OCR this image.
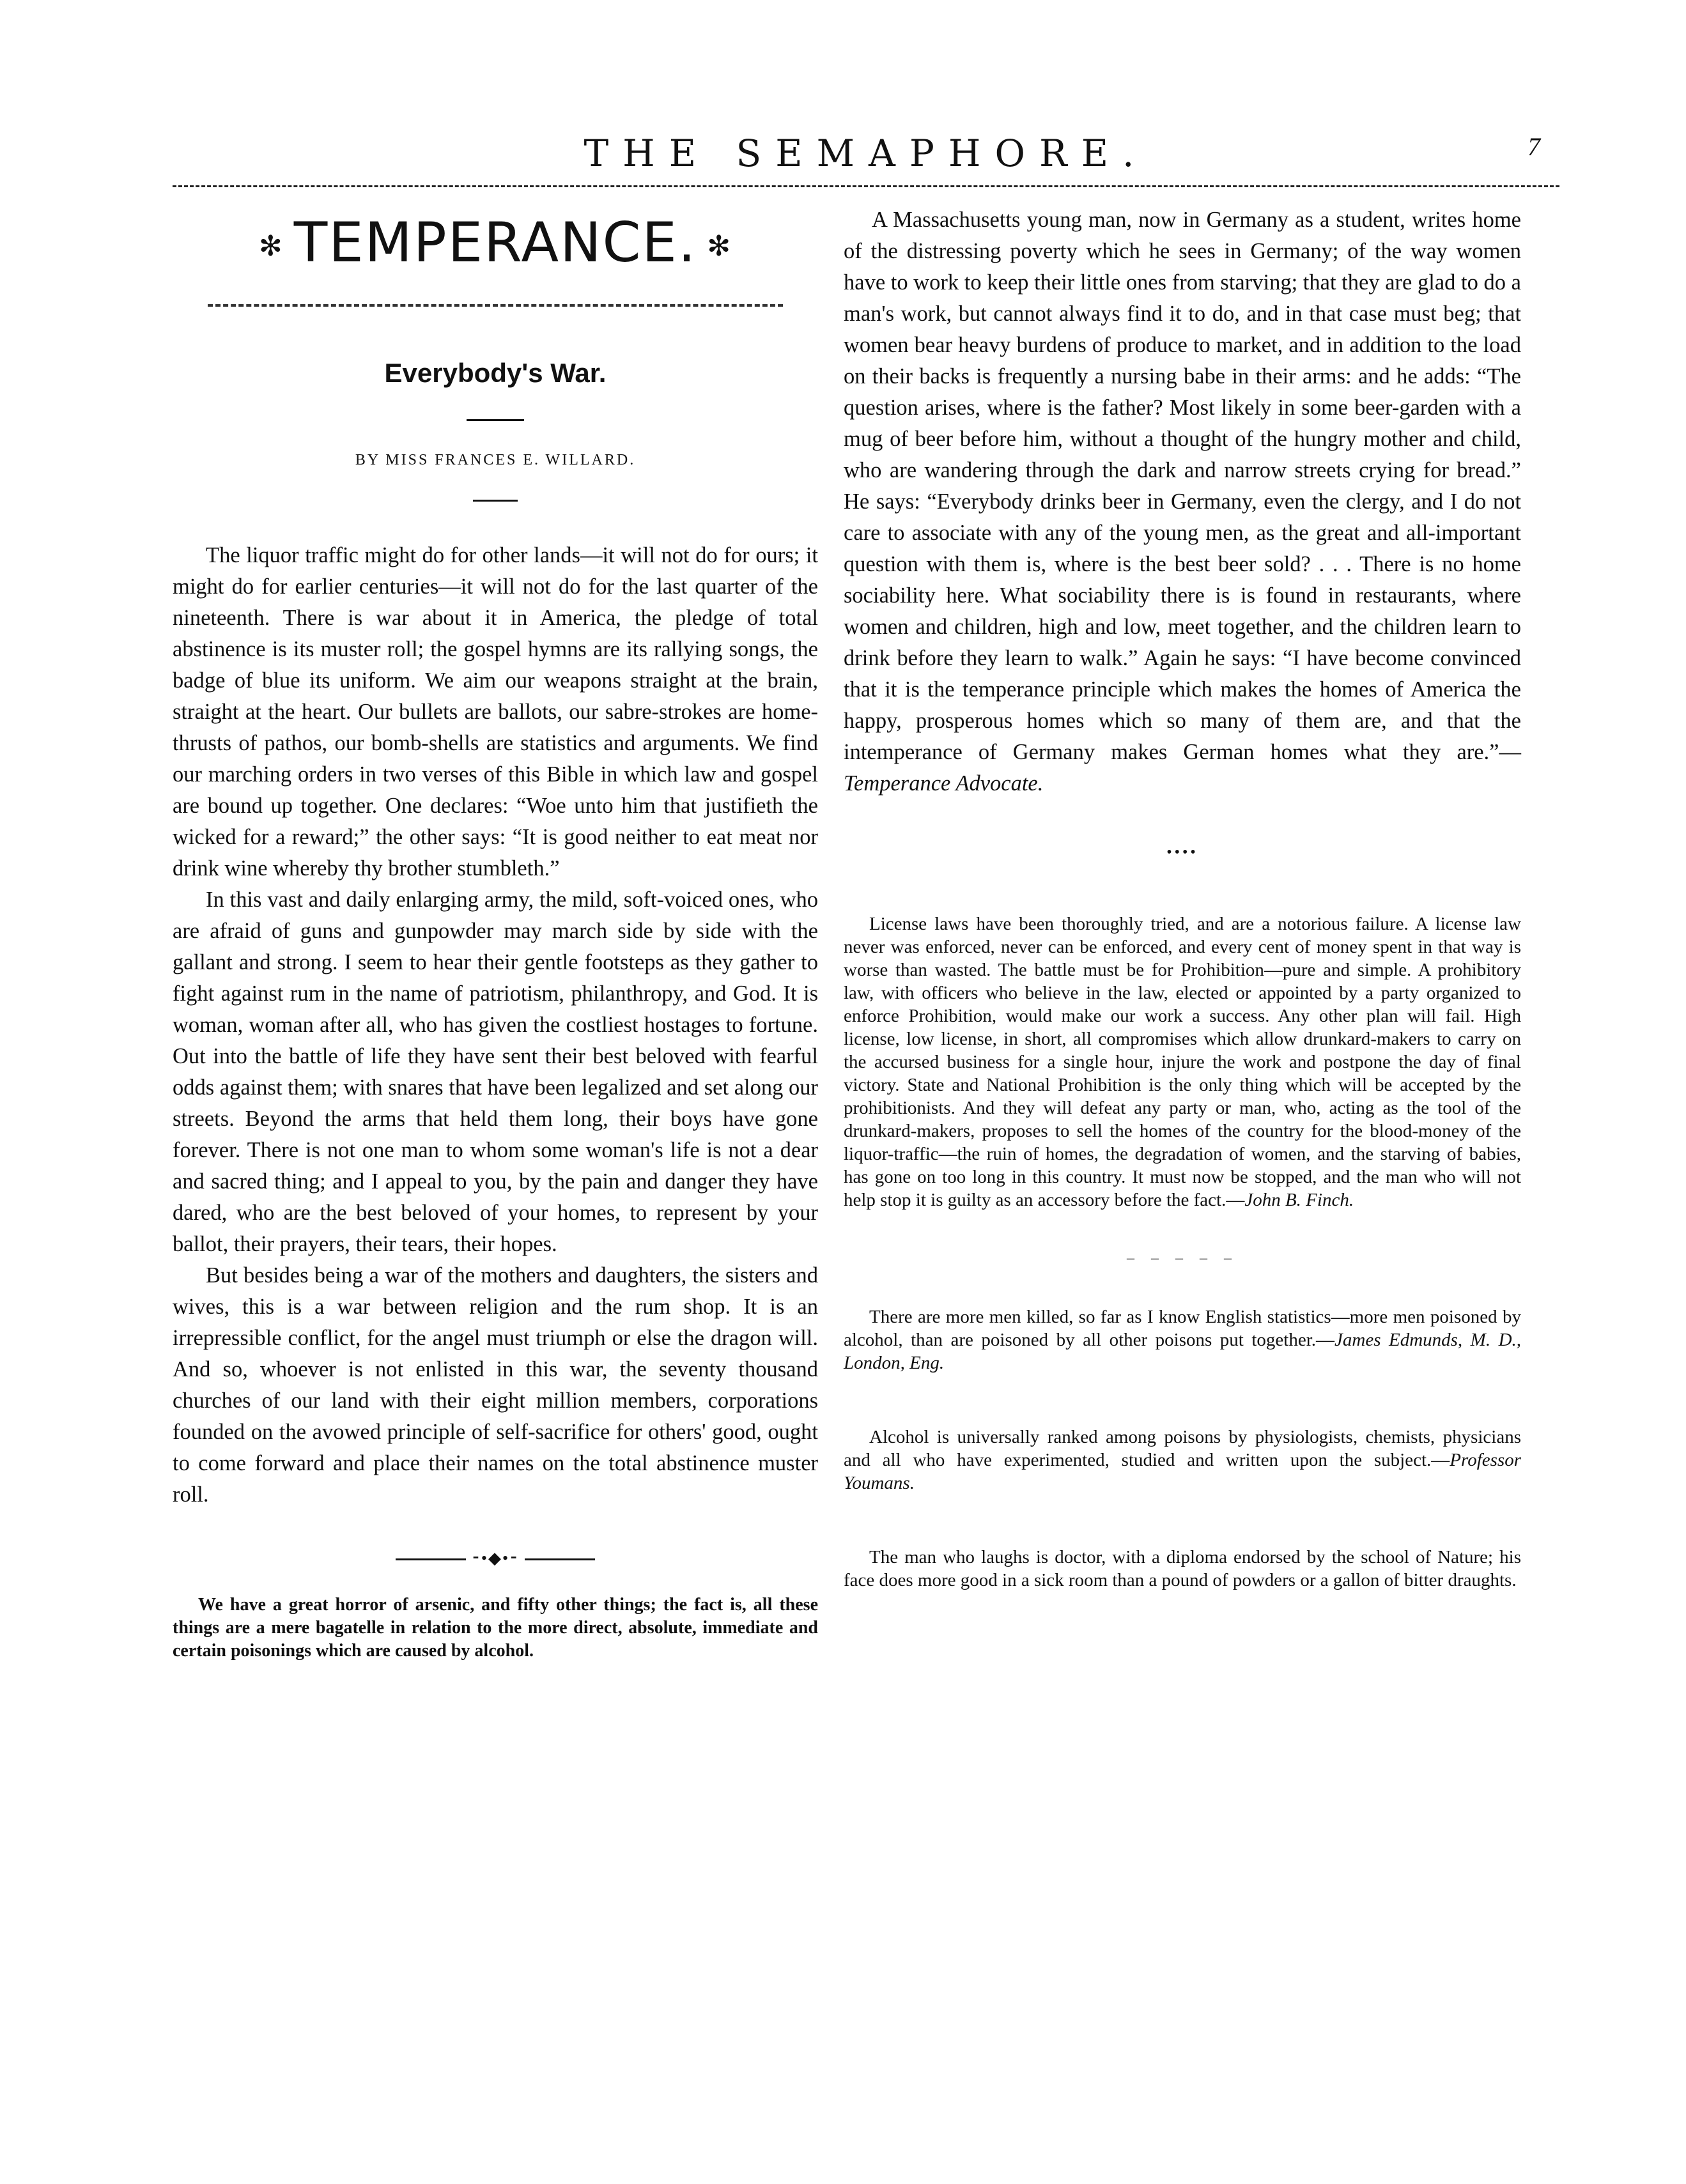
THE SEMAPHORE.	7
✻ TEMPERANCE. ✻
Everybody's War.
BY MISS FRANCES E. WILLARD.

The liquor traffic might do for other lands—it will not do for ours; it might do for earlier centuries—it will not do for the last quarter of the nineteenth. There is war about it in America, the pledge of total abstinence is its muster roll; the gospel hymns are its rallying songs, the badge of blue its uniform. We aim our weapons straight at the brain, straight at the heart. Our bullets are ballots, our sabre-strokes are home-thrusts of pathos, our bomb-shells are statistics and arguments. We find our marching orders in two verses of this Bible in which law and gospel are bound up together. One declares: “Woe unto him that justifieth the wicked for a reward;” the other says: “It is good neither to eat meat nor drink wine whereby thy brother stumbleth.”

In this vast and daily enlarging army, the mild, soft-voiced ones, who are afraid of guns and gunpowder may march side by side with the gallant and strong. I seem to hear their gentle footsteps as they gather to fight against rum in the name of patriotism, philanthropy, and God. It is woman, woman after all, who has given the costliest hostages to fortune. Out into the battle of life they have sent their best beloved with fearful odds against them; with snares that have been legalized and set along our streets. Beyond the arms that held them long, their boys have gone forever. There is not one man to whom some woman's life is not a dear and sacred thing; and I appeal to you, by the pain and danger they have dared, who are the best beloved of your homes, to represent by your ballot, their prayers, their tears, their hopes.

But besides being a war of the mothers and daughters, the sisters and wives, this is a war between religion and the rum shop. It is an irrepressible conflict, for the angel must triumph or else the dragon will. And so, whoever is not enlisted in this war, the seventy thousand churches of our land with their eight million members, corporations founded on the avowed principle of self-sacrifice for others' good, ought to come forward and place their names on the total abstinence muster roll.

⁃•◆•⁃

We have a great horror of arsenic, and fifty other things; the fact is, all these things are a mere bagatelle in relation to the more direct, absolute, immediate and certain poisonings which are caused by alcohol.

A Massachusetts young man, now in Germany as a student, writes home of the distressing poverty which he sees in Germany; of the way women have to work to keep their little ones from starving; that they are glad to do a man's work, but cannot always find it to do, and in that case must beg; that women bear heavy burdens of produce to market, and in addition to the load on their backs is frequently a nursing babe in their arms: and he adds: “The question arises, where is the father? Most likely in some beer-garden with a mug of beer before him, without a thought of the hungry mother and child, who are wandering through the dark and narrow streets crying for bread.” He says: “Everybody drinks beer in Germany, even the clergy, and I do not care to associate with any of the young men, as the great and all-important question with them is, where is the best beer sold? . . . There is no home sociability here. What sociability there is is found in restaurants, where women and children, high and low, meet together, and the children learn to drink before they learn to walk.” Again he says: “I have become convinced that it is the temperance principle which makes the homes of America the happy, prosperous homes which so many of them are, and that the intemperance of Germany makes German homes what they are.”—Temperance Advocate.

••••

License laws have been thoroughly tried, and are a notorious failure. A license law never was enforced, never can be enforced, and every cent of money spent in that way is worse than wasted. The battle must be for Prohibition—pure and simple. A prohibitory law, with officers who believe in the law, elected or appointed by a party organized to enforce Prohibition, would make our work a success. Any other plan will fail. High license, low license, in short, all compromises which allow drunkard-makers to carry on the accursed business for a single hour, injure the work and postpone the day of final victory. State and National Prohibition is the only thing which will be accepted by the prohibitionists. And they will defeat any party or man, who, acting as the tool of the drunkard-makers, proposes to sell the homes of the country for the blood-money of the liquor-traffic—the ruin of homes, the degradation of women, and the starving of babies, has gone on too long in this country. It must now be stopped, and the man who will not help stop it is guilty as an accessory before the fact.—John B. Finch.

– – – – –

There are more men killed, so far as I know English statistics—more men poisoned by alcohol, than are poisoned by all other poisons put together.—James Edmunds, M. D., London, Eng.

Alcohol is universally ranked among poisons by physiologists, chemists, physicians and all who have experimented, studied and written upon the subject.—Professor Youmans.

The man who laughs is doctor, with a diploma endorsed by the school of Nature; his face does more good in a sick room than a pound of powders or a gallon of bitter draughts.
